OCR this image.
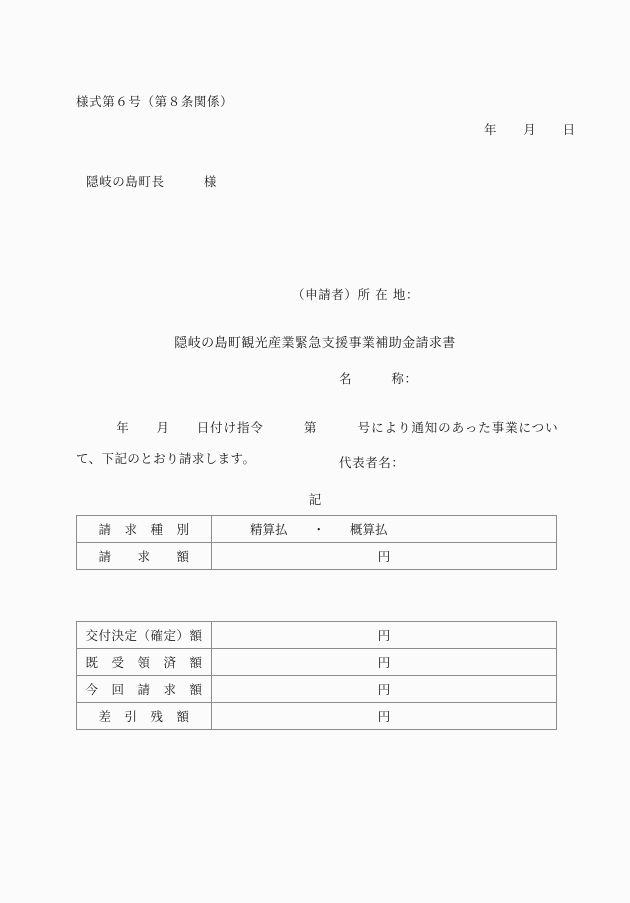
様式第６号（第８条関係）
年　　月　　日
隠岐の島町長　　　様

（申請者）所 在 地：

名　　　称：

代表者名：

隠岐の島町観光産業緊急支援事業補助金請求書
　　　年　　月　　日付け指令　　　第　　　号により通知のあった事業について、下記のとおり請求します。
記
請　求　種　別	精算払　　・　　概算払
請　　求　　額	円
交付決定（確定）額	円
既　受　領　済　額	円
今　回　請　求　額	円
差　引　残　額	円
